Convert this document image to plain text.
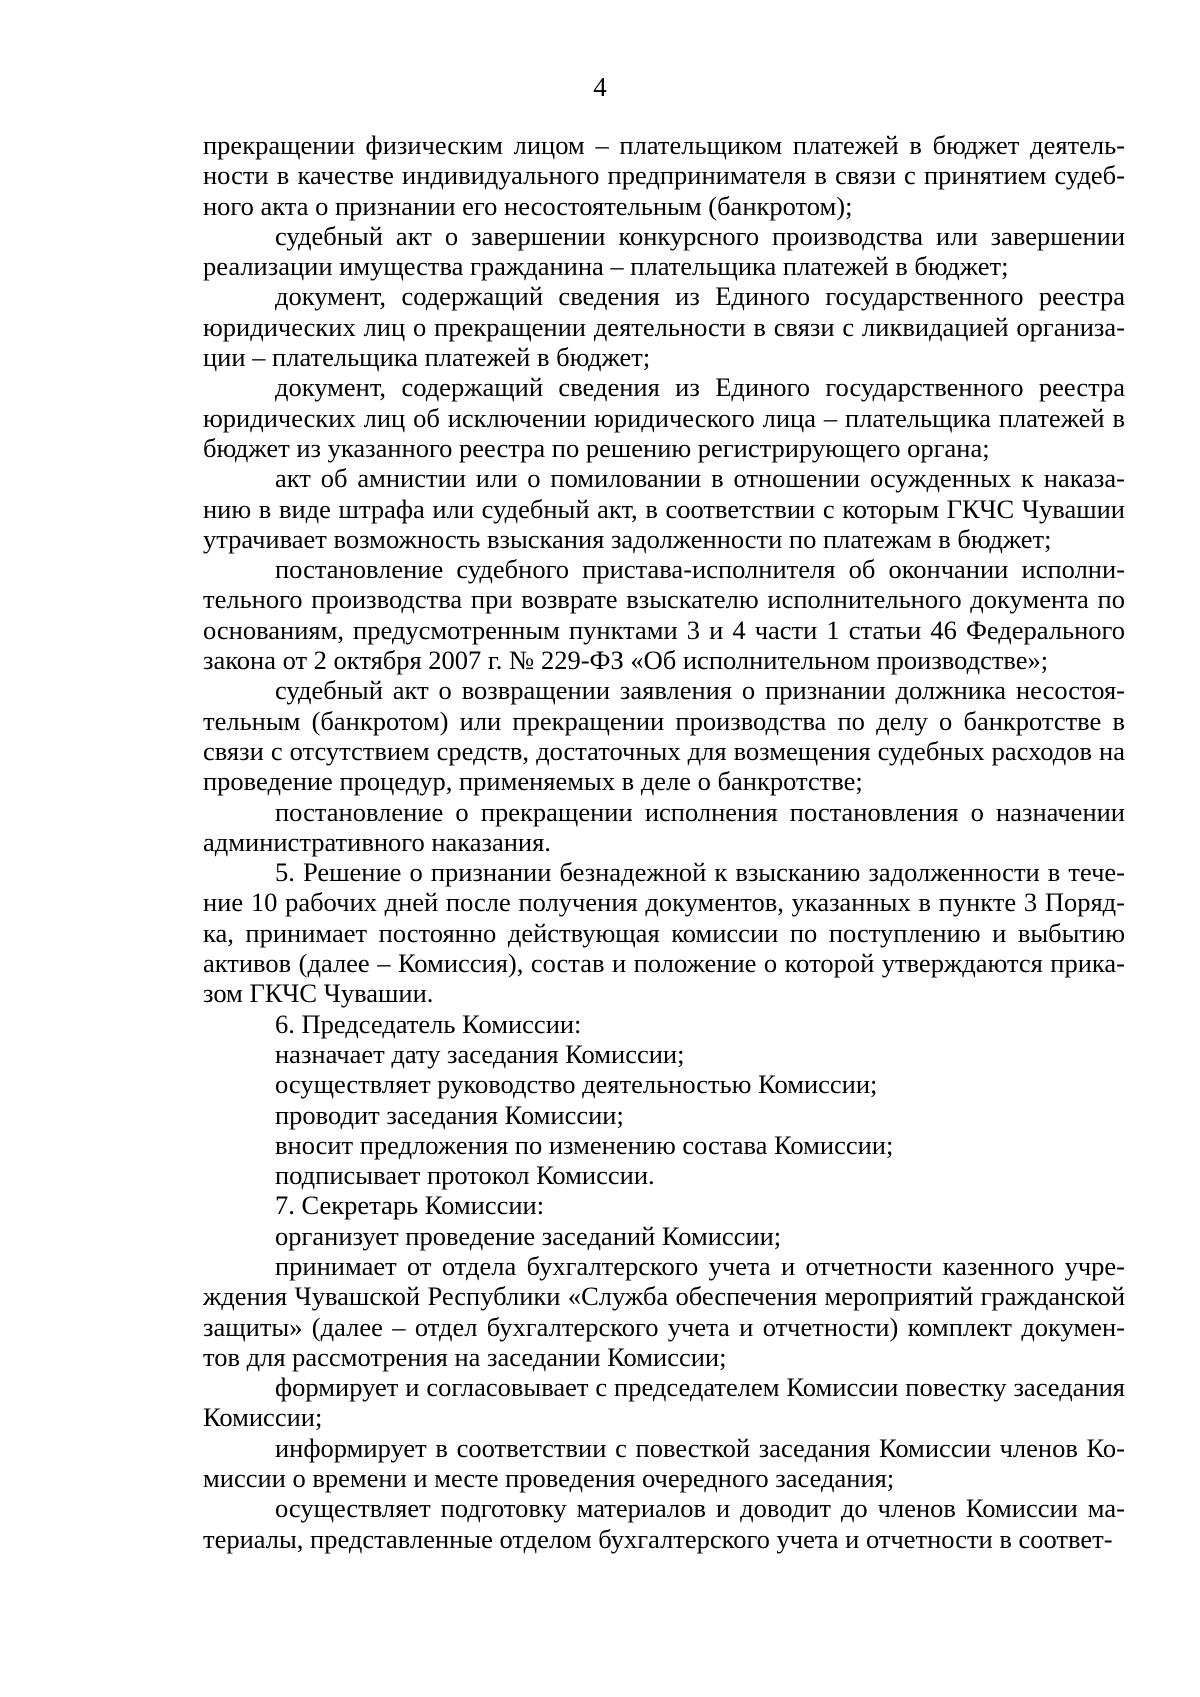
4

прекращении физическим лицом – плательщиком платежей в бюджет деятельности в качестве индивидуального предпринимателя в связи с принятием судебного акта о признании его несостоятельным (банкротом);

судебный акт о завершении конкурсного производства или завершении реализации имущества гражданина – плательщика платежей в бюджет;

документ, содержащий сведения из Единого государственного реестра юридических лиц о прекращении деятельности в связи с ликвидацией организации – плательщика платежей в бюджет;

документ, содержащий сведения из Единого государственного реестра юридических лиц об исключении юридического лица – плательщика платежей в бюджет из указанного реестра по решению регистрирующего органа;

акт об амнистии или о помиловании в отношении осужденных к наказанию в виде штрафа или судебный акт, в соответствии с которым ГКЧС Чувашии утрачивает возможность взыскания задолженности по платежам в бюджет;

постановление судебного пристава-исполнителя об окончании исполнительного производства при возврате взыскателю исполнительного документа по основаниям, предусмотренным пунктами 3 и 4 части 1 статьи 46 Федерального закона от 2 октября 2007 г. № 229-ФЗ «Об исполнительном производстве»;

судебный акт о возвращении заявления о признании должника несостоятельным (банкротом) или прекращении производства по делу о банкротстве в связи с отсутствием средств, достаточных для возмещения судебных расходов на проведение процедур, применяемых в деле о банкротстве;

постановление о прекращении исполнения постановления о назначении административного наказания.

5. Решение о признании безнадежной к взысканию задолженности в течение 10 рабочих дней после получения документов, указанных в пункте 3 Порядка, принимает постоянно действующая комиссии по поступлению и выбытию активов (далее – Комиссия), состав и положение о которой утверждаются приказом ГКЧС Чувашии.

6. Председатель Комиссии:

назначает дату заседания Комиссии;

осуществляет руководство деятельностью Комиссии;

проводит заседания Комиссии;

вносит предложения по изменению состава Комиссии;

подписывает протокол Комиссии.

7. Секретарь Комиссии:

организует проведение заседаний Комиссии;

принимает от отдела бухгалтерского учета и отчетности казенного учреждения Чувашской Республики «Служба обеспечения мероприятий гражданской защиты» (далее – отдел бухгалтерского учета и отчетности) комплект документов для рассмотрения на заседании Комиссии;

формирует и согласовывает с председателем Комиссии повестку заседания Комиссии;

информирует в соответствии с повесткой заседания Комиссии членов Комиссии о времени и месте проведения очередного заседания;

осуществляет подготовку материалов и доводит до членов Комиссии материалы, представленные отделом бухгалтерского учета и отчетности в соответ-
